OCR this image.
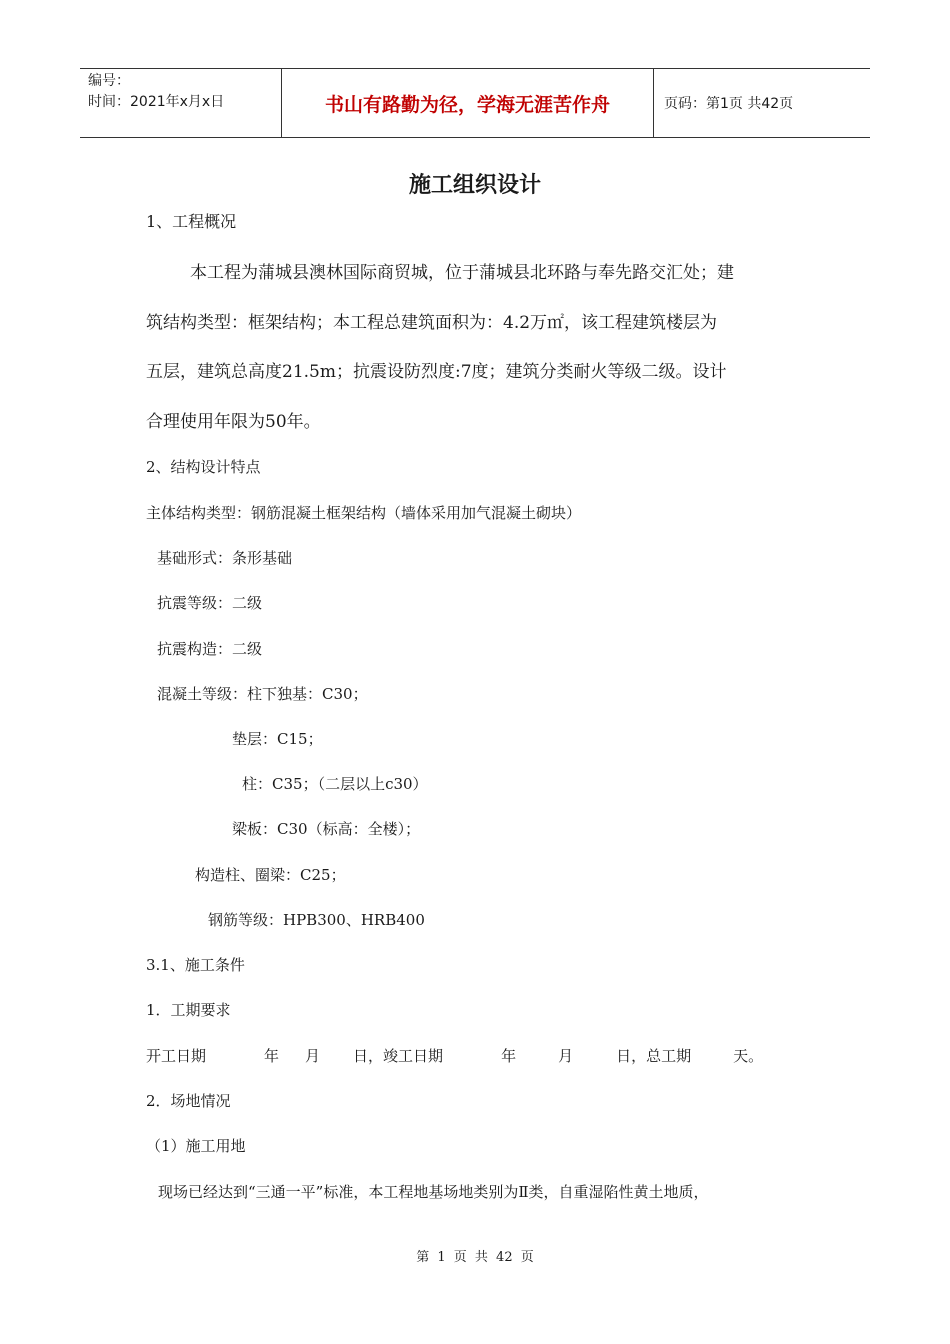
编号：
时间：2021年x月x日	书山有路勤为径，学海无涯苦作舟	页码：第1页 共42页
施工组织设计
1、工程概况
本工程为蒲城县澳林国际商贸城，位于蒲城县北环路与奉先路交汇处；建
筑结构类型：框架结构；本工程总建筑面积为：4.2万㎡，该工程建筑楼层为
五层，建筑总高度21.5m；抗震设防烈度:7度；建筑分类耐火等级二级。设计
合理使用年限为50年。
2、结构设计特点
主体结构类型：钢筋混凝土框架结构（墙体采用加气混凝土砌块）
基础形式：条形基础
抗震等级：二级
抗震构造：二级
混凝土等级：柱下独基：C30；
垫层：C15；
柱：C35；（二层以上c30）
梁板：C30（标高：全楼）；
构造柱、圈梁：C25；
钢筋等级：HPB300、HRB400
3.1、施工条件
1．工期要求
开工日期	年 月 日，竣工日期	年	月	日，总工期	天。
2．场地情况
（1）施工用地
现场已经达到“三通一平”标准，本工程地基场地类别为Ⅱ类，自重湿陷性黄土地质，
第 1 页 共 42 页
